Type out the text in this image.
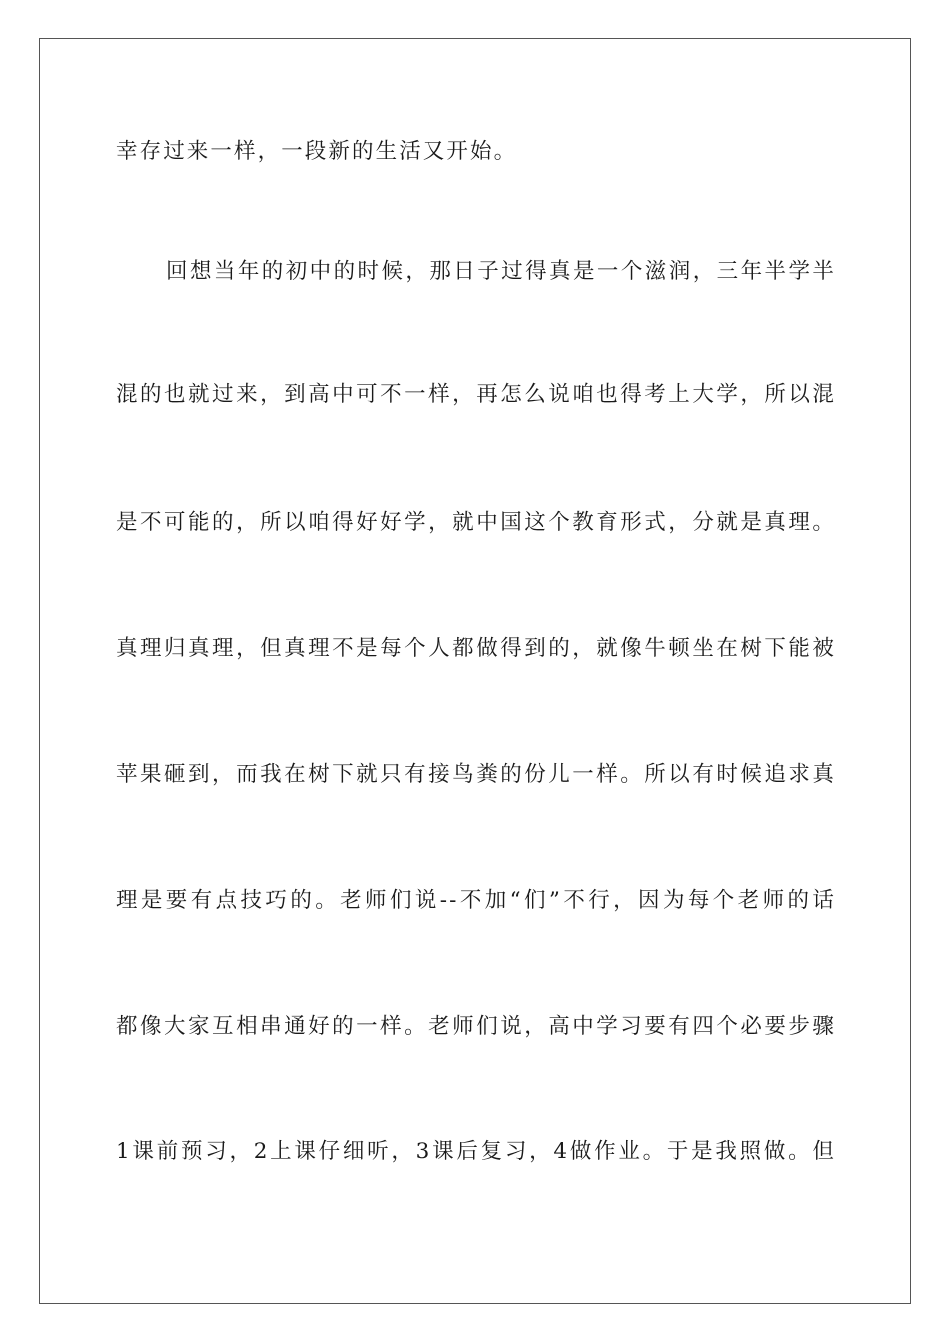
幸存过来一样，一段新的生活又开始。
回想当年的初中的时候，那日子过得真是一个滋润，三年半学半
混的也就过来，到高中可不一样，再怎么说咱也得考上大学，所以混
是不可能的，所以咱得好好学，就中国这个教育形式，分就是真理。
真理归真理，但真理不是每个人都做得到的，就像牛顿坐在树下能被
苹果砸到，而我在树下就只有接鸟粪的份儿一样。所以有时候追求真
理是要有点技巧的。老师们说--不加“们”不行，因为每个老师的话
都像大家互相串通好的一样。老师们说，高中学习要有四个必要步骤
1课前预习，2上课仔细听，3课后复习，4做作业。于是我照做。但
